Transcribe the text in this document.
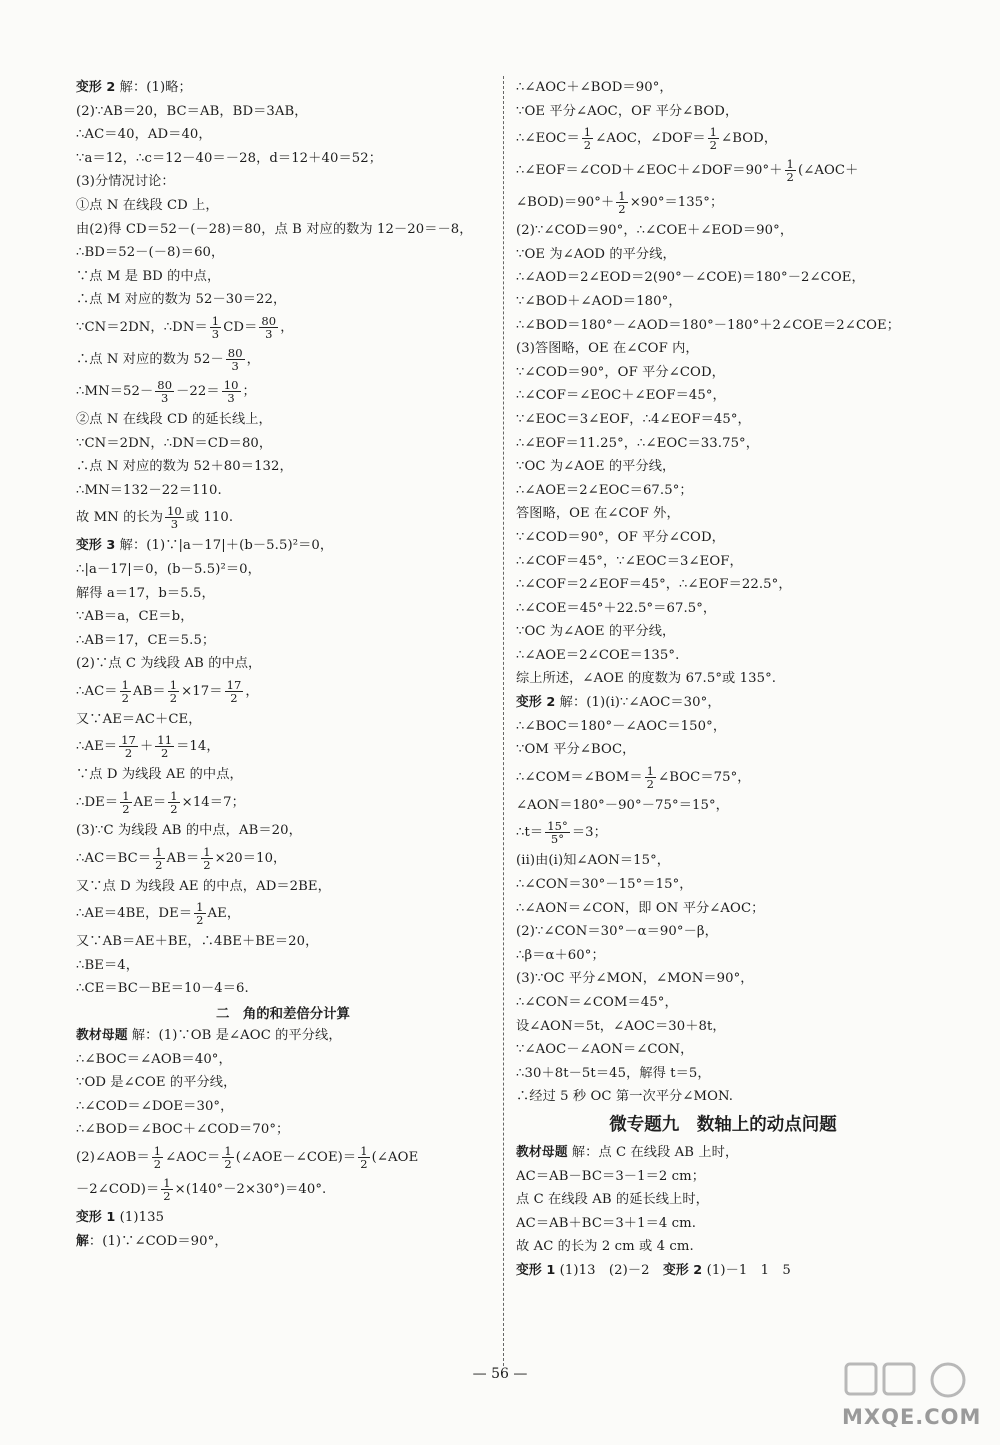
变形 2 解：(1)略；
(2)∵AB＝20，BC＝AB，BD＝3AB，
∴AC＝40，AD＝40，
∵a＝12，∴c＝12－40＝－28，d＝12＋40＝52；
(3)分情况讨论：
①点 N 在线段 CD 上，
由(2)得 CD＝52－(－28)＝80，点 B 对应的数为 12－20＝－8，
∴BD＝52－(－8)＝60，
∵点 M 是 BD 的中点，
∴点 M 对应的数为 52－30＝22，
∵CN＝2DN，∴DN＝ $\frac{1}{3} CD= \frac{80}{3}$ ，
∴点 N 对应的数为 $52- \frac{80}{3}$ ，
∴MN＝52－ $\frac{80}{3} -22= \frac{10}{3}$ ；
②点 N 在线段 CD 的延长线上，
∵CN＝2DN，∴DN＝CD＝80，
∴点 N 对应的数为 52＋80＝132，
∴MN＝132－22＝110.
故 MN 的长为 $\frac{10}{3}$ 或 110.
变形 3 解：(1)∵|a－17|＋(b－5.5)²＝0，
∴|a－17|＝0，(b－5.5)²＝0，
解得 a＝17，b＝5.5，
∵AB＝a，CE＝b，
∴AB＝17，CE＝5.5；
(2)∵点 C 为线段 AB 的中点，
∴AC＝ $\frac{1}{2} AB= \frac{1}{2} \times 17= \frac{17}{2}$ ，
又∵AE＝AC＋CE，
∴AE＝ $\frac{17}{2} + \frac{11}{2} =14$，
∵点 D 为线段 AE 的中点，
∴DE＝ $\frac{1}{2} AE= \frac{1}{2} \times 14=7$；
(3)∵C 为线段 AB 的中点，AB＝20，
∴AC＝BC＝ $\frac{1}{2} AB= \frac{1}{2} \times 20=10$，
又∵点 D 为线段 AE 的中点，AD＝2BE，
∴AE＝4BE，$DE= \frac{1}{2}$ AE，
又∵AB＝AE＋BE，∴4BE＋BE＝20，
∴BE＝4，
∴CE＝BC－BE＝10－4＝6.
二　角的和差倍分计算
教材母题 解：(1)∵OB 是∠AOC 的平分线，
∴∠BOC＝∠AOB＝40°，
∵OD 是∠COE 的平分线，
∴∠COD＝∠DOE＝30°，
∴∠BOD＝∠BOC＋∠COD＝70°；
(2)∠AOB＝ $\frac{1}{2}$ ∠AOC＝ $\frac{1}{2}$ (∠AOE－∠COE)＝ $\frac{1}{2}$ (∠AOE
－2∠COD)＝ $\frac{1}{2} \times(140^\circ-2\times 30^\circ)=40^\circ$.
变形 1 (1)135
解：(1)∵∠COD＝90°，
∴∠AOC＋∠BOD＝90°，
∵OE 平分∠AOC，OF 平分∠BOD，
∴∠EOC＝ $\frac{1}{2}$ ∠AOC，∠DOF＝ $\frac{1}{2}$ ∠BOD，
∴∠EOF＝∠COD＋∠EOC＋∠DOF＝90°＋ $\frac{1}{2}$ (∠AOC＋
∠BOD)＝90°＋ $\frac{1}{2} \times 90^\circ=135^\circ$；
(2)∵∠COD＝90°，∴∠COE＋∠EOD＝90°，
∵OE 为∠AOD 的平分线，
∴∠AOD＝2∠EOD＝2(90°－∠COE)＝180°－2∠COE，
∵∠BOD＋∠AOD＝180°，
∴∠BOD＝180°－∠AOD＝180°－180°＋2∠COE＝2∠COE；
(3)答图略，OE 在∠COF 内，
∵∠COD＝90°，OF 平分∠COD，
∴∠COF＝∠EOC＋∠EOF＝45°，
∵∠EOC＝3∠EOF，∴4∠EOF＝45°，
∴∠EOF＝11.25°，∴∠EOC＝33.75°，
∵OC 为∠AOE 的平分线，
∴∠AOE＝2∠EOC＝67.5°；
答图略，OE 在∠COF 外，
∵∠COD＝90°，OF 平分∠COD，
∴∠COF＝45°，∵∠EOC＝3∠EOF，
∴∠COF＝2∠EOF＝45°，∴∠EOF＝22.5°，
∴∠COE＝45°＋22.5°＝67.5°，
∵OC 为∠AOE 的平分线，
∴∠AOE＝2∠COE＝135°.
综上所述，∠AOE 的度数为 67.5°或 135°.
变形 2 解：(1)(i)∵∠AOC＝30°，
∴∠BOC＝180°－∠AOC＝150°，
∵OM 平分∠BOC，
∴∠COM＝∠BOM＝ $\frac{1}{2}$ ∠BOC＝75°，
∠AON＝180°－90°－75°＝15°，
∴t＝ $\frac{15^\circ}{5^\circ} =3$；
(ii)由(i)知∠AON＝15°，
∴∠CON＝30°－15°＝15°，
∴∠AON＝∠CON，即 ON 平分∠AOC；
(2)∵∠CON＝30°－α＝90°－β，
∴β＝α＋60°；
(3)∵OC 平分∠MON，∠MON＝90°，
∴∠CON＝∠COM＝45°，
设∠AON＝5t，∠AOC＝30＋8t，
∵∠AOC－∠AON＝∠CON，
∴30＋8t－5t＝45，解得 t＝5，
∴经过 5 秒 OC 第一次平分∠MON.
微专题九　数轴上的动点问题
教材母题 解：点 C 在线段 AB 上时，
AC＝AB－BC＝3－1＝2 cm；
点 C 在线段 AB 的延长线上时，
AC＝AB＋BC＝3＋1＝4 cm.
故 AC 的长为 2 cm 或 4 cm.
变形 1 (1)13　(2)－2　变形 2 (1)－1　1　5
— 56 —
MXQE.COM
